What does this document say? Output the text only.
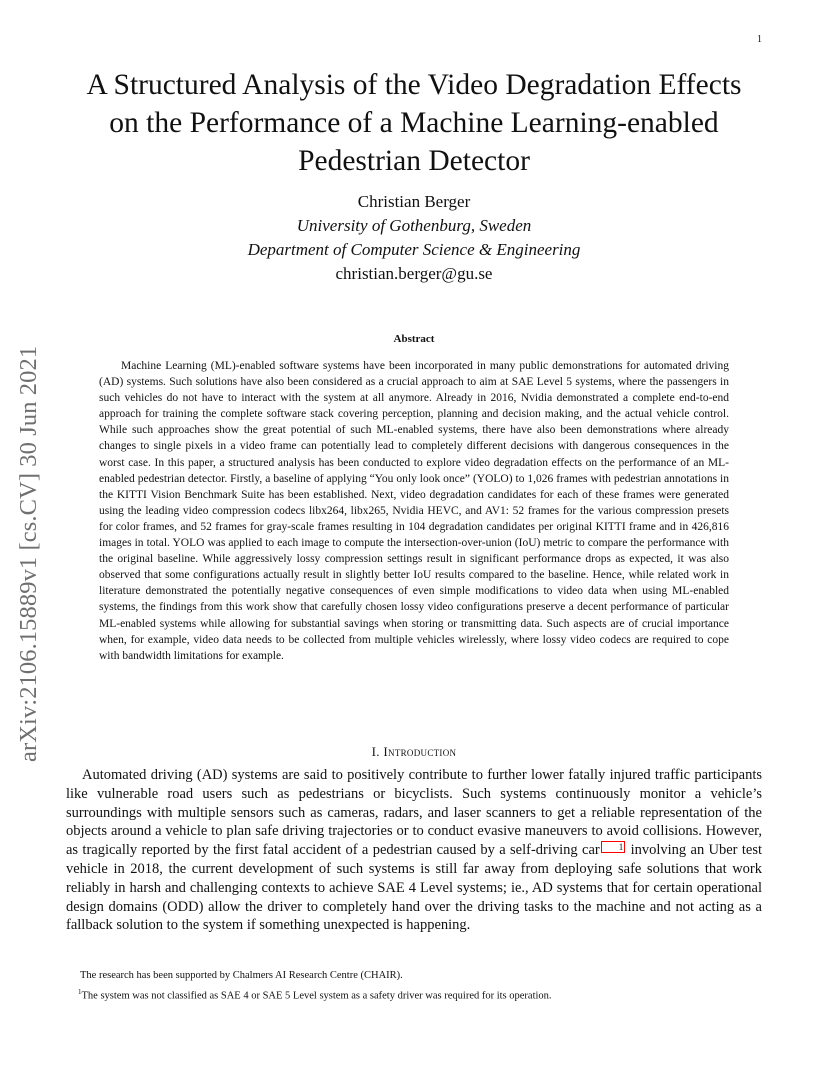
1
arXiv:2106.15889v1 [cs.CV] 30 Jun 2021
A Structured Analysis of the Video Degradation Effects on the Performance of a Machine Learning-enabled Pedestrian Detector
Christian Berger
University of Gothenburg, Sweden
Department of Computer Science & Engineering
christian.berger@gu.se
Abstract

Machine Learning (ML)-enabled software systems have been incorporated in many public demonstrations for automated driving (AD) systems. Such solutions have also been considered as a crucial approach to aim at SAE Level 5 systems, where the passengers in such vehicles do not have to interact with the system at all anymore. Already in 2016, Nvidia demonstrated a complete end-to-end approach for training the complete software stack covering perception, planning and decision making, and the actual vehicle control. While such approaches show the great potential of such ML-enabled systems, there have also been demonstrations where already changes to single pixels in a video frame can potentially lead to completely different decisions with dangerous consequences in the worst case. In this paper, a structured analysis has been conducted to explore video degradation effects on the performance of an ML-enabled pedestrian detector. Firstly, a baseline of applying “You only look once” (YOLO) to 1,026 frames with pedestrian annotations in the KITTI Vision Benchmark Suite has been established. Next, video degradation candidates for each of these frames were generated using the leading video compression codecs libx264, libx265, Nvidia HEVC, and AV1: 52 frames for the various compression presets for color frames, and 52 frames for gray-scale frames resulting in 104 degradation candidates per original KITTI frame and in 426,816 images in total. YOLO was applied to each image to compute the intersection-over-union (IoU) metric to compare the performance with the original baseline. While aggressively lossy compression settings result in significant performance drops as expected, it was also observed that some configurations actually result in slightly better IoU results compared to the baseline. Hence, while related work in literature demonstrated the potentially negative consequences of even simple modifications to video data when using ML-enabled systems, the findings from this work show that carefully chosen lossy video configurations preserve a decent performance of particular ML-enabled systems while allowing for substantial savings when storing or transmitting data. Such aspects are of crucial importance when, for example, video data needs to be collected from multiple vehicles wirelessly, where lossy video codecs are required to cope with bandwidth limitations for example.

I. Introduction

Automated driving (AD) systems are said to positively contribute to further lower fatally injured traffic participants like vulnerable road users such as pedestrians or bicyclists. Such systems continuously monitor a vehicle’s surroundings with multiple sensors such as cameras, radars, and laser scanners to get a reliable representation of the objects around a vehicle to plan safe driving trajectories or to conduct evasive maneuvers to avoid collisions. However, as tragically reported by the first fatal accident of a pedestrian caused by a self-driving car 1 involving an Uber test vehicle in 2018, the current development of such systems is still far away from deploying safe solutions that work reliably in harsh and challenging contexts to achieve SAE 4 Level systems; ie., AD systems that for certain operational design domains (ODD) allow the driver to completely hand over the driving tasks to the machine and not acting as a fallback solution to the system if something unexpected is happening.

The research has been supported by Chalmers AI Research Centre (CHAIR).

$^1$The system was not classified as SAE 4 or SAE 5 Level system as a safety driver was required for its operation.
